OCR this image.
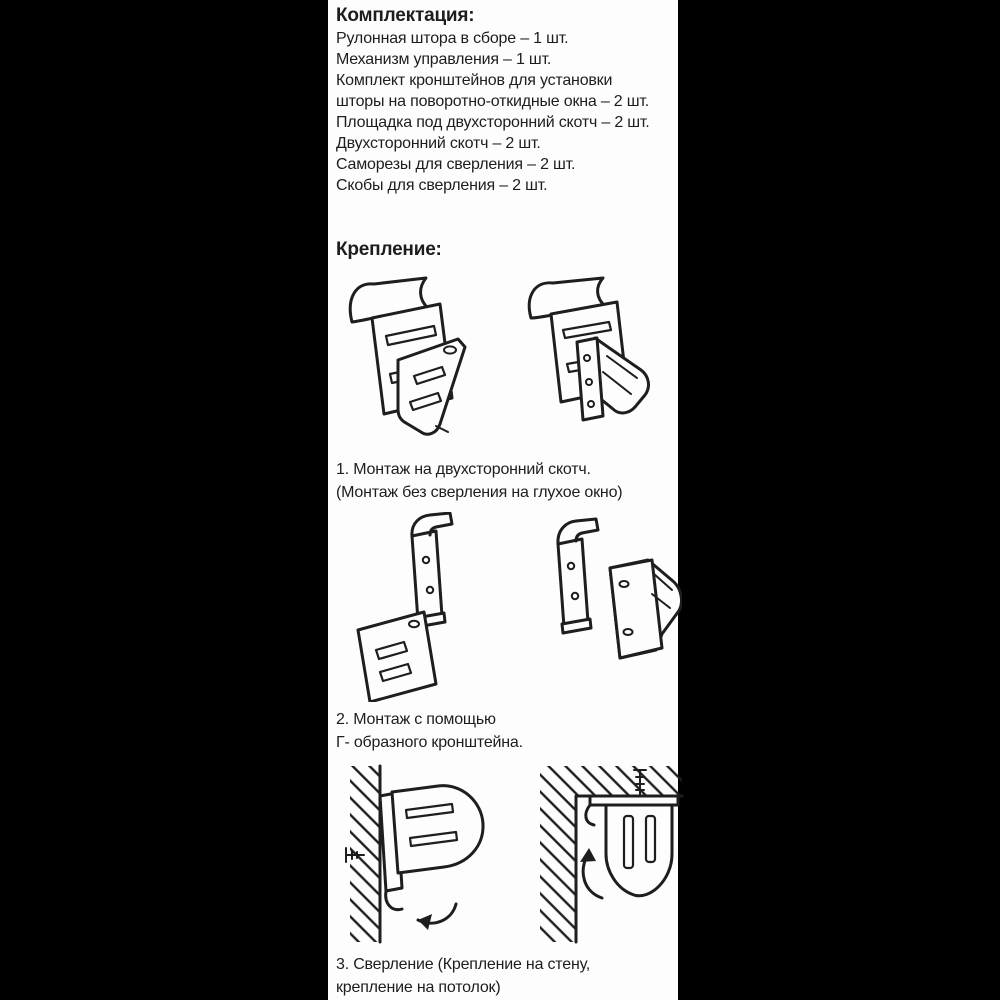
Комплектация:
Рулонная штора в сборе – 1 шт.
Механизм управления – 1 шт.
Комплект кронштейнов для установки
шторы на поворотно-откидные окна – 2 шт.
Площадка под двухсторонний скотч – 2 шт.
Двухсторонний скотч – 2 шт.
Саморезы для сверления – 2 шт.
Скобы для сверления – 2 шт.
Крепление:
1. Монтаж на двухсторонний скотч.
(Монтаж без сверления на глухое окно)
2. Монтаж с помощью
Г- образного кронштейна.
3. Сверление (Крепление на стену,
крепление на потолок)
